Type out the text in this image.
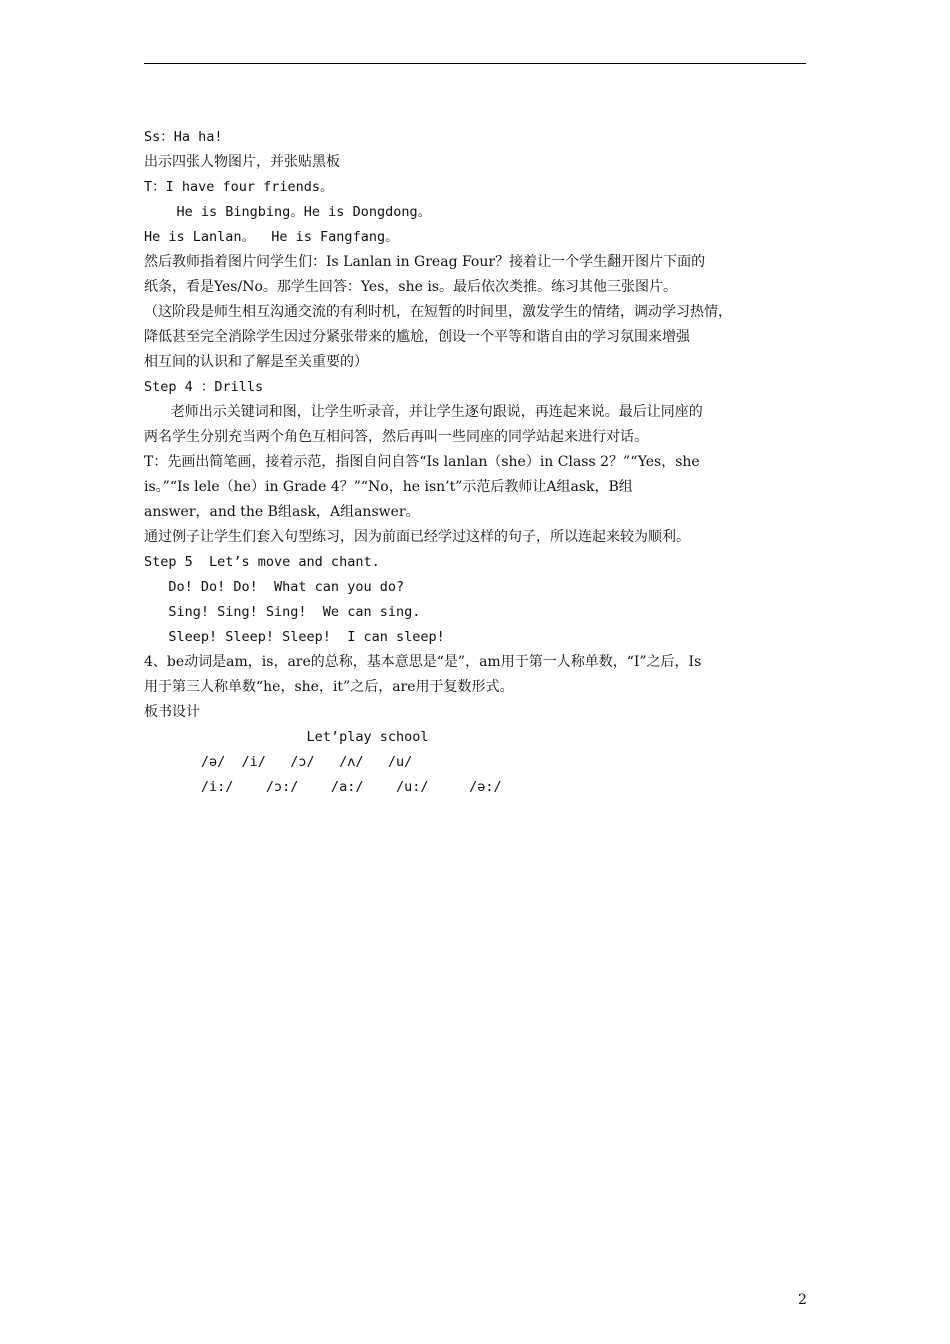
Ss：Ha ha!
出示四张人物图片，并张贴黑板
T：I have four friends。
He is Bingbing。He is Dongdong。
He is Lanlan。  He is Fangfang。
然后教师指着图片问学生们：Is Lanlan in Greag Four？接着让一个学生翻开图片下面的
纸条，看是Yes/No。那学生回答：Yes，she is。最后依次类推。练习其他三张图片。
（这阶段是师生相互沟通交流的有利时机，在短暂的时间里，激发学生的情绪，调动学习热情，
降低甚至完全消除学生因过分紧张带来的尴尬，创设一个平等和谐自由的学习氛围来增强
相互间的认识和了解是至关重要的）
Step 4 ：Drills
老师出示关键词和图，让学生听录音，并让学生逐句跟说，再连起来说。最后让同座的
两名学生分别充当两个角色互相问答，然后再叫一些同座的同学站起来进行对话。
T：先画出简笔画，接着示范，指图自问自答“Is lanlan（she）in Class 2？”“Yes，she
is。”“Is lele（he）in Grade 4？”“No，he isn’t”示范后教师让A组ask，B组
answer，and the B组ask，A组answer。
通过例子让学生们套入句型练习，因为前面已经学过这样的句子，所以连起来较为顺利。
Step 5  Let’s move and chant.
Do! Do! Do!  What can you do?
Sing! Sing! Sing!  We can sing.
Sleep! Sleep! Sleep!  I can sleep!
4、be动词是am，is，are的总称，基本意思是“是”，am用于第一人称单数，“I”之后，Is
用于第三人称单数“he，she，it”之后，are用于复数形式。
板书设计
Let’play school
/ə/  /i/   /ɔ/   /ʌ/   /u/
/i:/    /ɔ:/    /a:/    /u:/     /ə:/
2
